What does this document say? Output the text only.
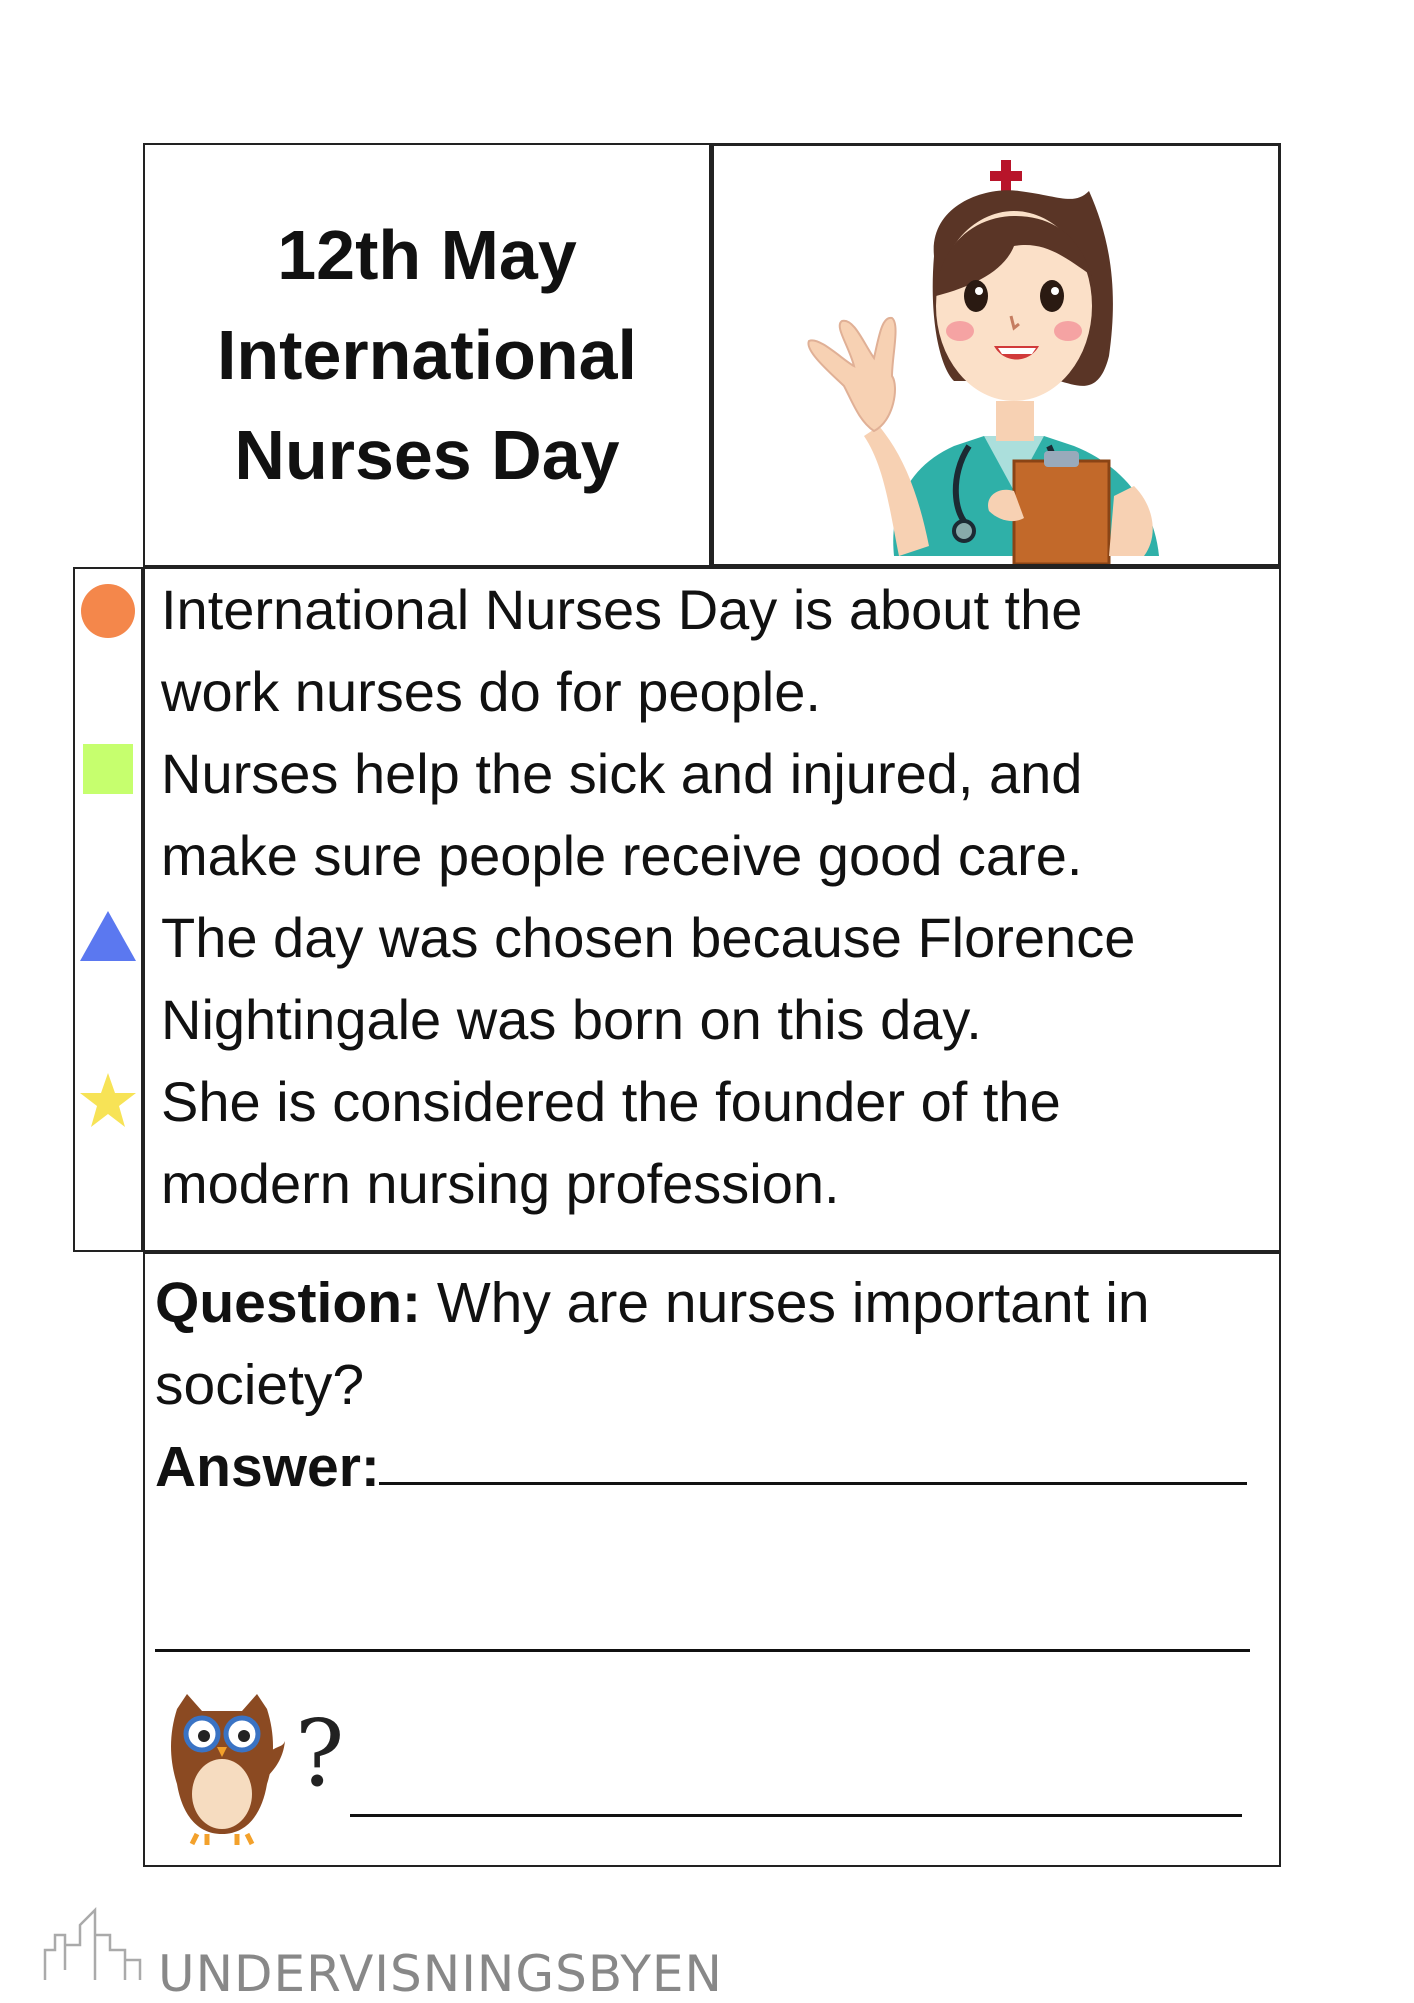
12th May
International
Nurses Day
International Nurses Day is about the
work nurses do for people.
Nurses help the sick and injured, and
make sure people receive good care.
The day was chosen because Florence
Nightingale was born on this day.
She is considered the founder of the
modern nursing profession.
Question: Why are nurses important in
society?
Answer:
?
UNDERVISNINGSBYEN
